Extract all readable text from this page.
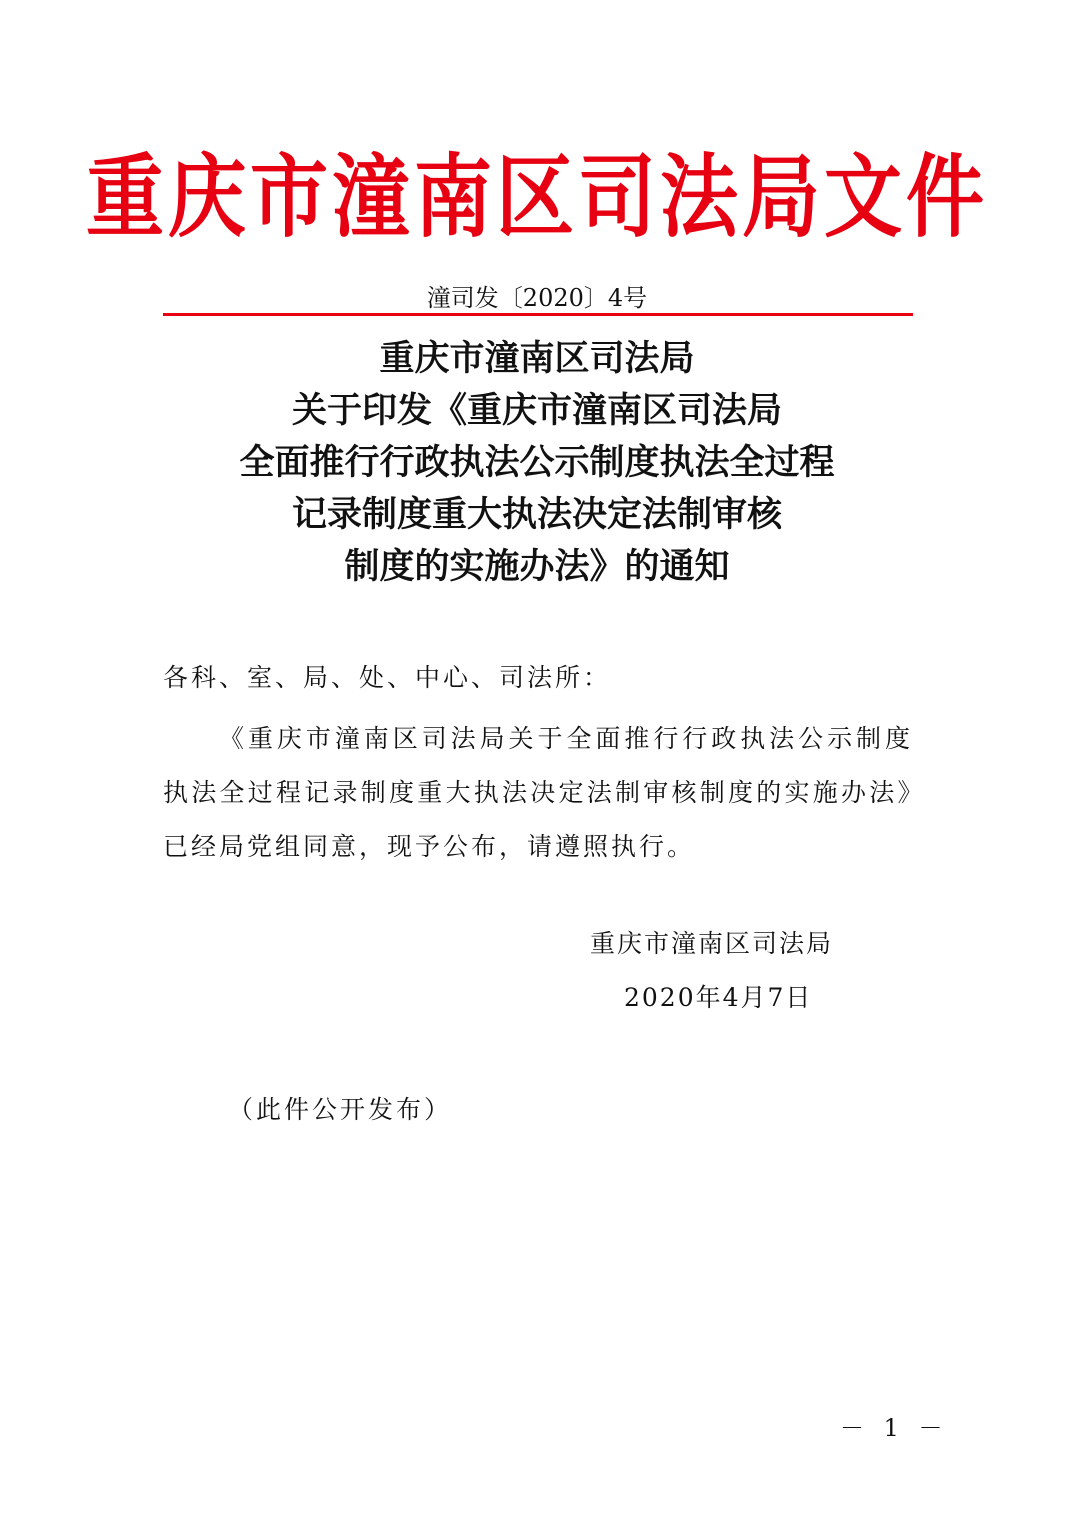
重庆市潼南区司法局文件
潼司发〔2020〕4号
重庆市潼南区司法局
关于印发《重庆市潼南区司法局
全面推行行政执法公示制度执法全过程
记录制度重大执法决定法制审核
制度的实施办法》的通知
各科、室、局、处、中心、司法所：
《重庆市潼南区司法局关于全面推行行政执法公示制度执法全过程记录制度重大执法决定法制审核制度的实施办法》已经局党组同意，现予公布，请遵照执行。
重庆市潼南区司法局
2020年4月7日
（此件公开发布）
－ 1 －
